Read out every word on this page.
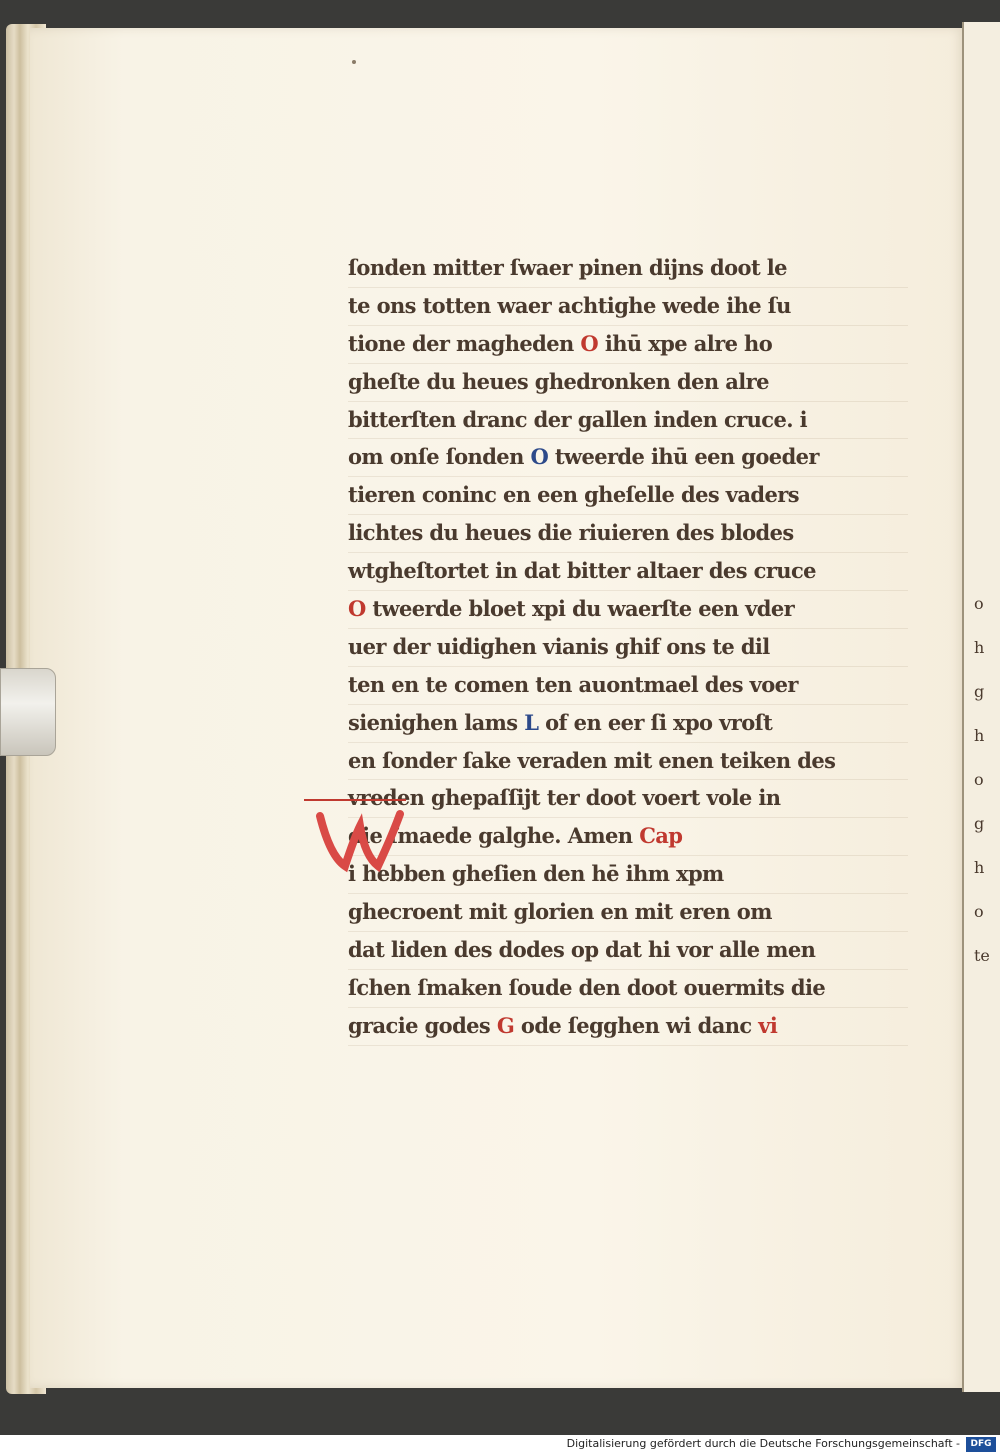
ſonden mitter ſwaer pinen dijns doot le
te ons totten waer achtighe wede ihe ſu
tione der magheden O ihū xpe alre ho
gheſte du heues ghedronken den alre
bitterſten dranc der gallen inden cruce. i
om onſe ſonden O tweerde ihū een goeder
tieren coninc en een gheſelle des vaders
lichtes du heues die riuieren des blodes
wtgheſtortet in dat bitter altaer des cruce
O tweerde bloet xpi du waerſte een vder
uer der uidighen vianis ghif ons te dil
ten en te comen ten auontmael des voer
sienighen lams L of en eer ſi xpo vroſt
en ſonder ſake veraden mit enen teiken des
vreden ghepaſſijt ter doot voert vole in
die ſmaede galghe. Amen Cap
i hebben gheſien den hē ihm xpm
ghecroent mit glorien en mit eren om
dat liden des dodes op dat hi vor alle men
ſchen ſmaken ſoude den doot ouermits die
gracie godes G ode ſegghen wi danc vi
o
h
g
h
o
g
h
o
te
Digitalisierung gefördert durch die Deutsche Forschungsgemeinschaft -	DFG
